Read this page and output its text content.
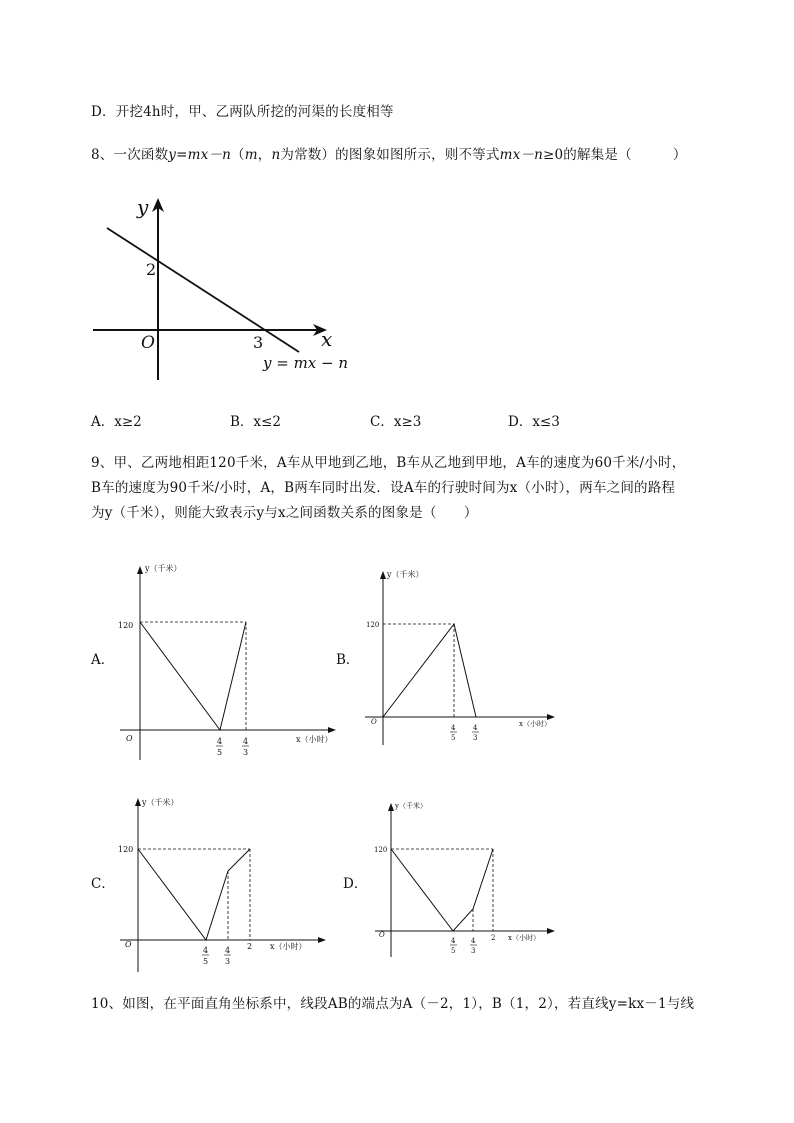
D．开挖4h时，甲、乙两队所挖的河渠的长度相等
8、一次函数y=mx－n（m，n为常数）的图象如图所示，则不等式mx－n≥0的解集是（　　　）
y
x
O
2
3
y = mx − n
A．x≥2	B．x≤2	C．x≥3	D．x≤3
9、甲、乙两地相距120千米，A车从甲地到乙地，B车从乙地到甲地，A车的速度为60千米/小时，
B车的速度为90千米/小时，A，B两车同时出发．设A车的行驶时间为x（小时），两车之间的路程
为y（千米），则能大致表示y与x之间函数关系的图象是（　　）
A．	B．
C．	D．
y（千米）
120
O	x（小时）
4
5
4
3
y（千米）
120
O	x（小时）
4
5
4
3
y（千米）
120
O	x（小时）
4
5
4
3
2
y（千米）
120
O	x（小时）
4
5
4
3
2
10、如图，在平面直角坐标系中，线段AB的端点为A（－2，1），B（1，2），若直线y=kx－1与线
